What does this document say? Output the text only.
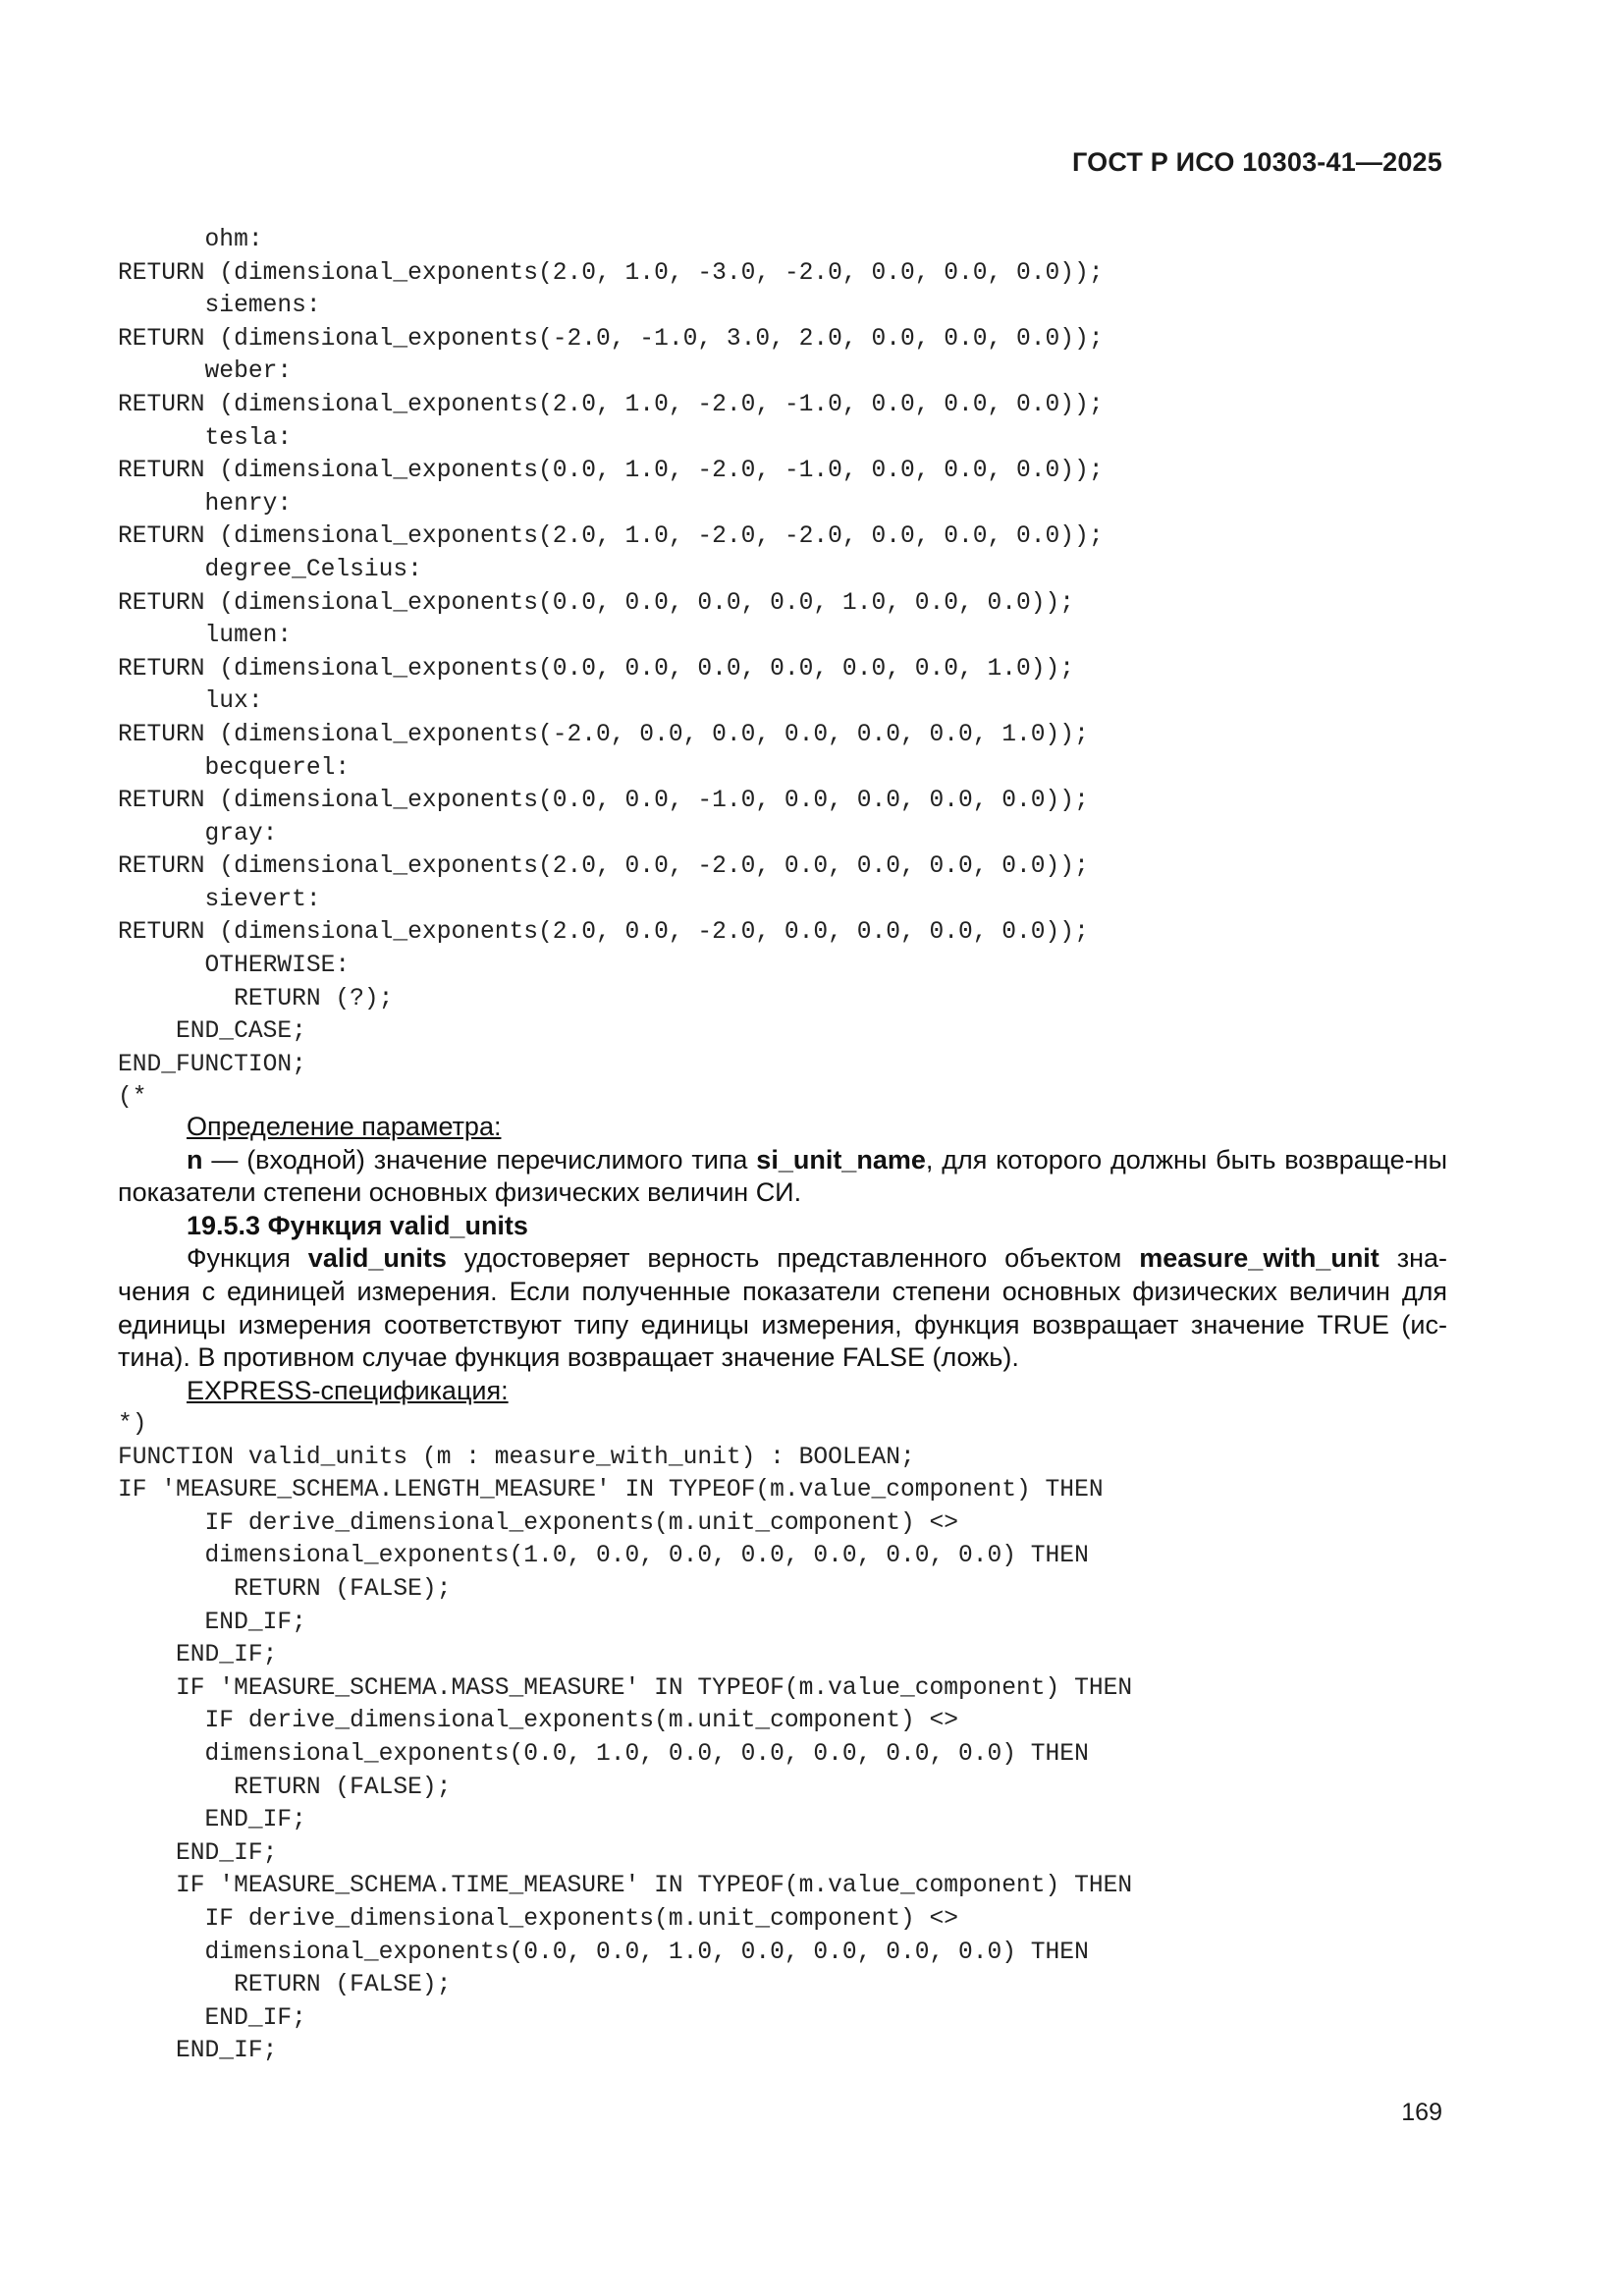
ГОСТ Р ИСО 10303-41—2025
ohm:
RETURN (dimensional_exponents(2.0, 1.0, -3.0, -2.0, 0.0, 0.0, 0.0));
siemens:
RETURN (dimensional_exponents(-2.0, -1.0, 3.0, 2.0, 0.0, 0.0, 0.0));
weber:
RETURN (dimensional_exponents(2.0, 1.0, -2.0, -1.0, 0.0, 0.0, 0.0));
tesla:
RETURN (dimensional_exponents(0.0, 1.0, -2.0, -1.0, 0.0, 0.0, 0.0));
henry:
RETURN (dimensional_exponents(2.0, 1.0, -2.0, -2.0, 0.0, 0.0, 0.0));
degree_Celsius:
RETURN (dimensional_exponents(0.0, 0.0, 0.0, 0.0, 1.0, 0.0, 0.0));
lumen:
RETURN (dimensional_exponents(0.0, 0.0, 0.0, 0.0, 0.0, 0.0, 1.0));
lux:
RETURN (dimensional_exponents(-2.0, 0.0, 0.0, 0.0, 0.0, 0.0, 1.0));
becquerel:
RETURN (dimensional_exponents(0.0, 0.0, -1.0, 0.0, 0.0, 0.0, 0.0));
gray:
RETURN (dimensional_exponents(2.0, 0.0, -2.0, 0.0, 0.0, 0.0, 0.0));
sievert:
RETURN (dimensional_exponents(2.0, 0.0, -2.0, 0.0, 0.0, 0.0, 0.0));
OTHERWISE:
RETURN (?);
END_CASE;
END_FUNCTION;
(*

Определение параметра:

n — (входной) значение перечислимого типа si_unit_name, для которого должны быть возвраще-ны показатели степени основных физических величин СИ.

19.5.3 Функция valid_units

Функция valid_units удостоверяет верность представленного объектом measure_with_unit зна-чения с единицей измерения. Если полученные показатели степени основных физических величин для единицы измерения соответствуют типу единицы измерения, функция возвращает значение TRUE (ис-тина). В противном случае функция возвращает значение FALSE (ложь).

EXPRESS-спецификация:

*)
FUNCTION valid_units (m : measure_with_unit) : BOOLEAN;
IF 'MEASURE_SCHEMA.LENGTH_MEASURE' IN TYPEOF(m.value_component) THEN
IF derive_dimensional_exponents(m.unit_component) <>
dimensional_exponents(1.0, 0.0, 0.0, 0.0, 0.0, 0.0, 0.0) THEN
RETURN (FALSE);
END_IF;
END_IF;
IF 'MEASURE_SCHEMA.MASS_MEASURE' IN TYPEOF(m.value_component) THEN
IF derive_dimensional_exponents(m.unit_component) <>
dimensional_exponents(0.0, 1.0, 0.0, 0.0, 0.0, 0.0, 0.0) THEN
RETURN (FALSE);
END_IF;
END_IF;
IF 'MEASURE_SCHEMA.TIME_MEASURE' IN TYPEOF(m.value_component) THEN
IF derive_dimensional_exponents(m.unit_component) <>
dimensional_exponents(0.0, 0.0, 1.0, 0.0, 0.0, 0.0, 0.0) THEN
RETURN (FALSE);
END_IF;
END_IF;
169
